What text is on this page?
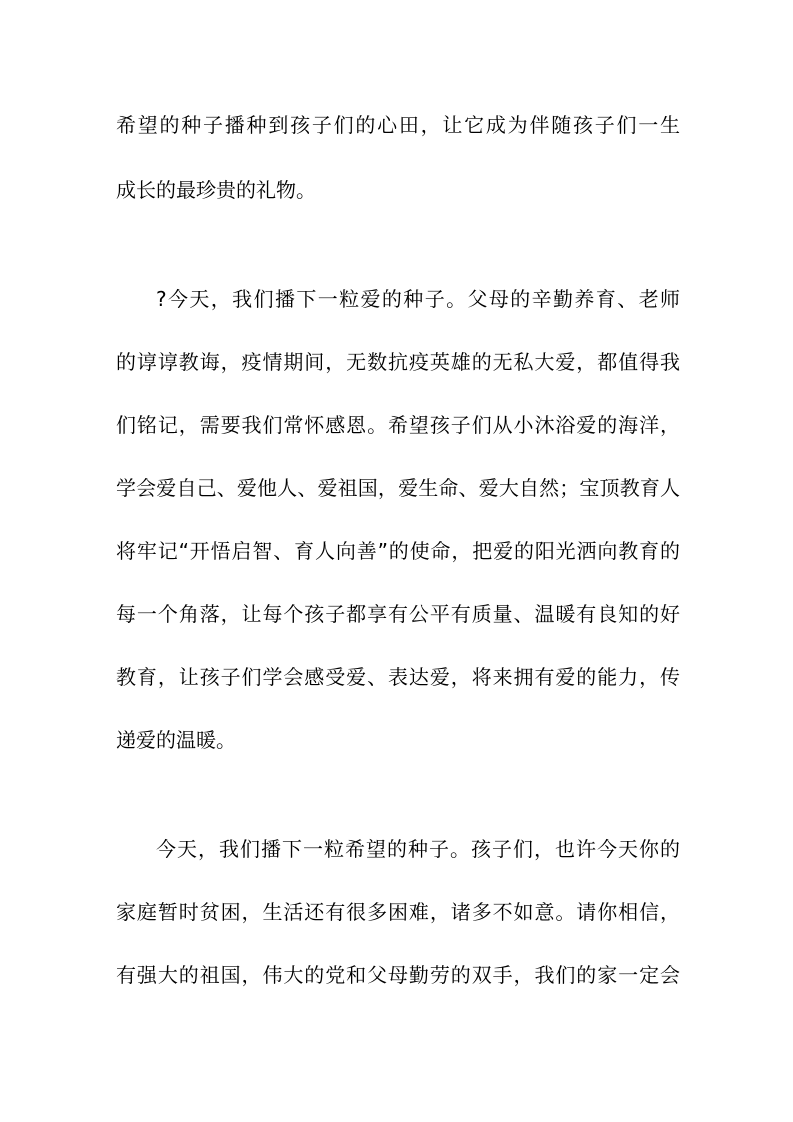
希望的种子播种到孩子们的心田，让它成为伴随孩子们一生
成长的最珍贵的礼物。
?今天，我们播下一粒爱的种子。父母的辛勤养育、老师
的谆谆教诲，疫情期间，无数抗疫英雄的无私大爱，都值得我
们铭记，需要我们常怀感恩。希望孩子们从小沐浴爱的海洋，
学会爱自己、爱他人、爱祖国，爱生命、爱大自然；宝顶教育人
将牢记“开悟启智、育人向善”的使命，把爱的阳光洒向教育的
每一个角落，让每个孩子都享有公平有质量、温暖有良知的好
教育，让孩子们学会感受爱、表达爱，将来拥有爱的能力，传
递爱的温暖。
今天，我们播下一粒希望的种子。孩子们，也许今天你的
家庭暂时贫困，生活还有很多困难，诸多不如意。请你相信，
有强大的祖国，伟大的党和父母勤劳的双手，我们的家一定会
